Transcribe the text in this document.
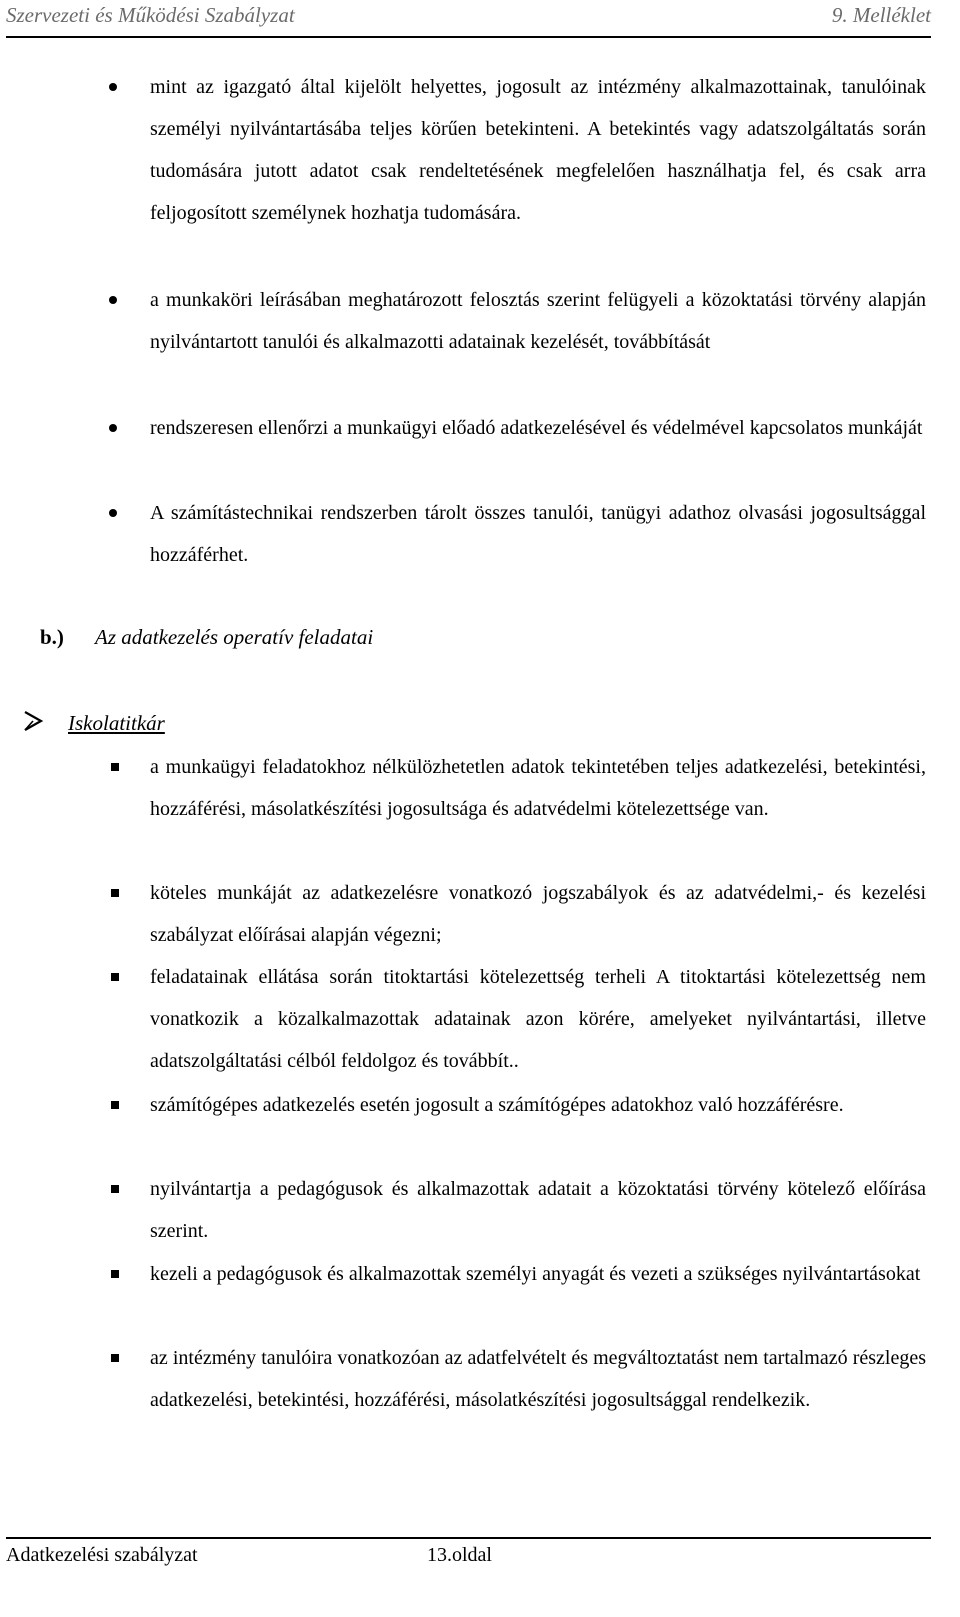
Szervezeti és Működési Szabályzat	9. Melléklet
mint az igazgató által kijelölt helyettes, jogosult az intézmény alkalmazottainak, tanulóinak személyi nyilvántartásába teljes körűen betekinteni. A betekintés vagy adatszolgáltatás során tudomására jutott adatot csak rendeltetésének megfelelően használhatja fel, és csak arra feljogosított személynek hozhatja tudomására.
a munkaköri leírásában meghatározott felosztás szerint felügyeli a közoktatási törvény alapján nyilvántartott tanulói és alkalmazotti adatainak kezelését, továbbítását
rendszeresen ellenőrzi a munkaügyi előadó adatkezelésével és védelmével kapcsolatos munkáját
A számítástechnikai rendszerben tárolt összes tanulói, tanügyi adathoz olvasási jogosultsággal hozzáférhet.
b.) Az adatkezelés operatív feladatai
Iskolatitkár
a munkaügyi feladatokhoz nélkülözhetetlen adatok tekintetében teljes adatkezelési, betekintési, hozzáférési, másolatkészítési jogosultsága és adatvédelmi kötelezettsége van.
köteles munkáját az adatkezelésre vonatkozó jogszabályok és az adatvédelmi,- és kezelési szabályzat előírásai alapján végezni;
feladatainak ellátása során titoktartási kötelezettség terheli A titoktartási kötelezettség nem vonatkozik a közalkalmazottak adatainak azon körére, amelyeket nyilvántartási, illetve adatszolgáltatási célból feldolgoz és továbbít..
számítógépes adatkezelés esetén jogosult a számítógépes adatokhoz való hozzáférésre.
nyilvántartja a pedagógusok és alkalmazottak adatait a közoktatási törvény kötelező előírása szerint.
kezeli a pedagógusok és alkalmazottak személyi anyagát és vezeti a szükséges nyilvántartásokat
az intézmény tanulóira vonatkozóan az adatfelvételt és megváltoztatást nem tartalmazó részleges adatkezelési, betekintési, hozzáférési, másolatkészítési jogosultsággal rendelkezik.
Adatkezelési szabályzat	13.oldal
